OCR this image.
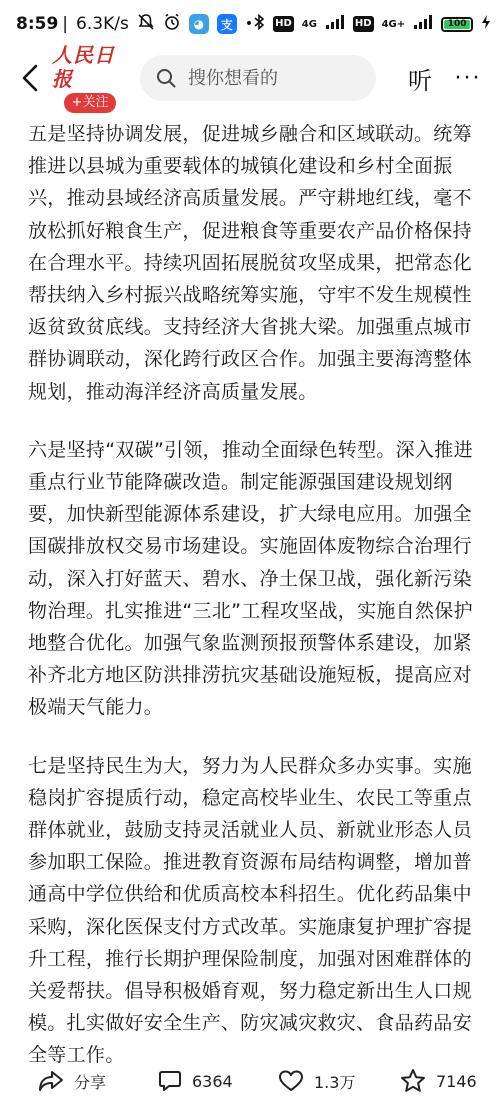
8:59 | 6.3K/s	◕	支 • HD 4G	HD 4G+	100
人民日报
+关注
搜你想看的
听	···

五是坚持协调发展，促进城乡融合和区域联动。统筹推进以县城为重要载体的城镇化建设和乡村全面振兴，推动县域经济高质量发展。严守耕地红线，毫不放松抓好粮食生产，促进粮食等重要农产品价格保持在合理水平。持续巩固拓展脱贫攻坚成果，把常态化帮扶纳入乡村振兴战略统筹实施，守牢不发生规模性返贫致贫底线。支持经济大省挑大梁。加强重点城市群协调联动，深化跨行政区合作。加强主要海湾整体规划，推动海洋经济高质量发展。

六是坚持“双碳”引领，推动全面绿色转型。深入推进重点行业节能降碳改造。制定能源强国建设规划纲要，加快新型能源体系建设，扩大绿电应用。加强全国碳排放权交易市场建设。实施固体废物综合治理行动，深入打好蓝天、碧水、净土保卫战，强化新污染物治理。扎实推进“三北”工程攻坚战，实施自然保护地整合优化。加强气象监测预报预警体系建设，加紧补齐北方地区防洪排涝抗灾基础设施短板，提高应对极端天气能力。

七是坚持民生为大，努力为人民群众多办实事。实施稳岗扩容提质行动，稳定高校毕业生、农民工等重点群体就业，鼓励支持灵活就业人员、新就业形态人员参加职工保险。推进教育资源布局结构调整，增加普通高中学位供给和优质高校本科招生。优化药品集中采购，深化医保支付方式改革。实施康复护理扩容提升工程，推行长期护理保险制度，加强对困难群体的关爱帮扶。倡导积极婚育观，努力稳定新出生人口规模。扎实做好安全生产、防灾减灾救灾、食品药品安全等工作。

分享	6364	1.3万	7146
